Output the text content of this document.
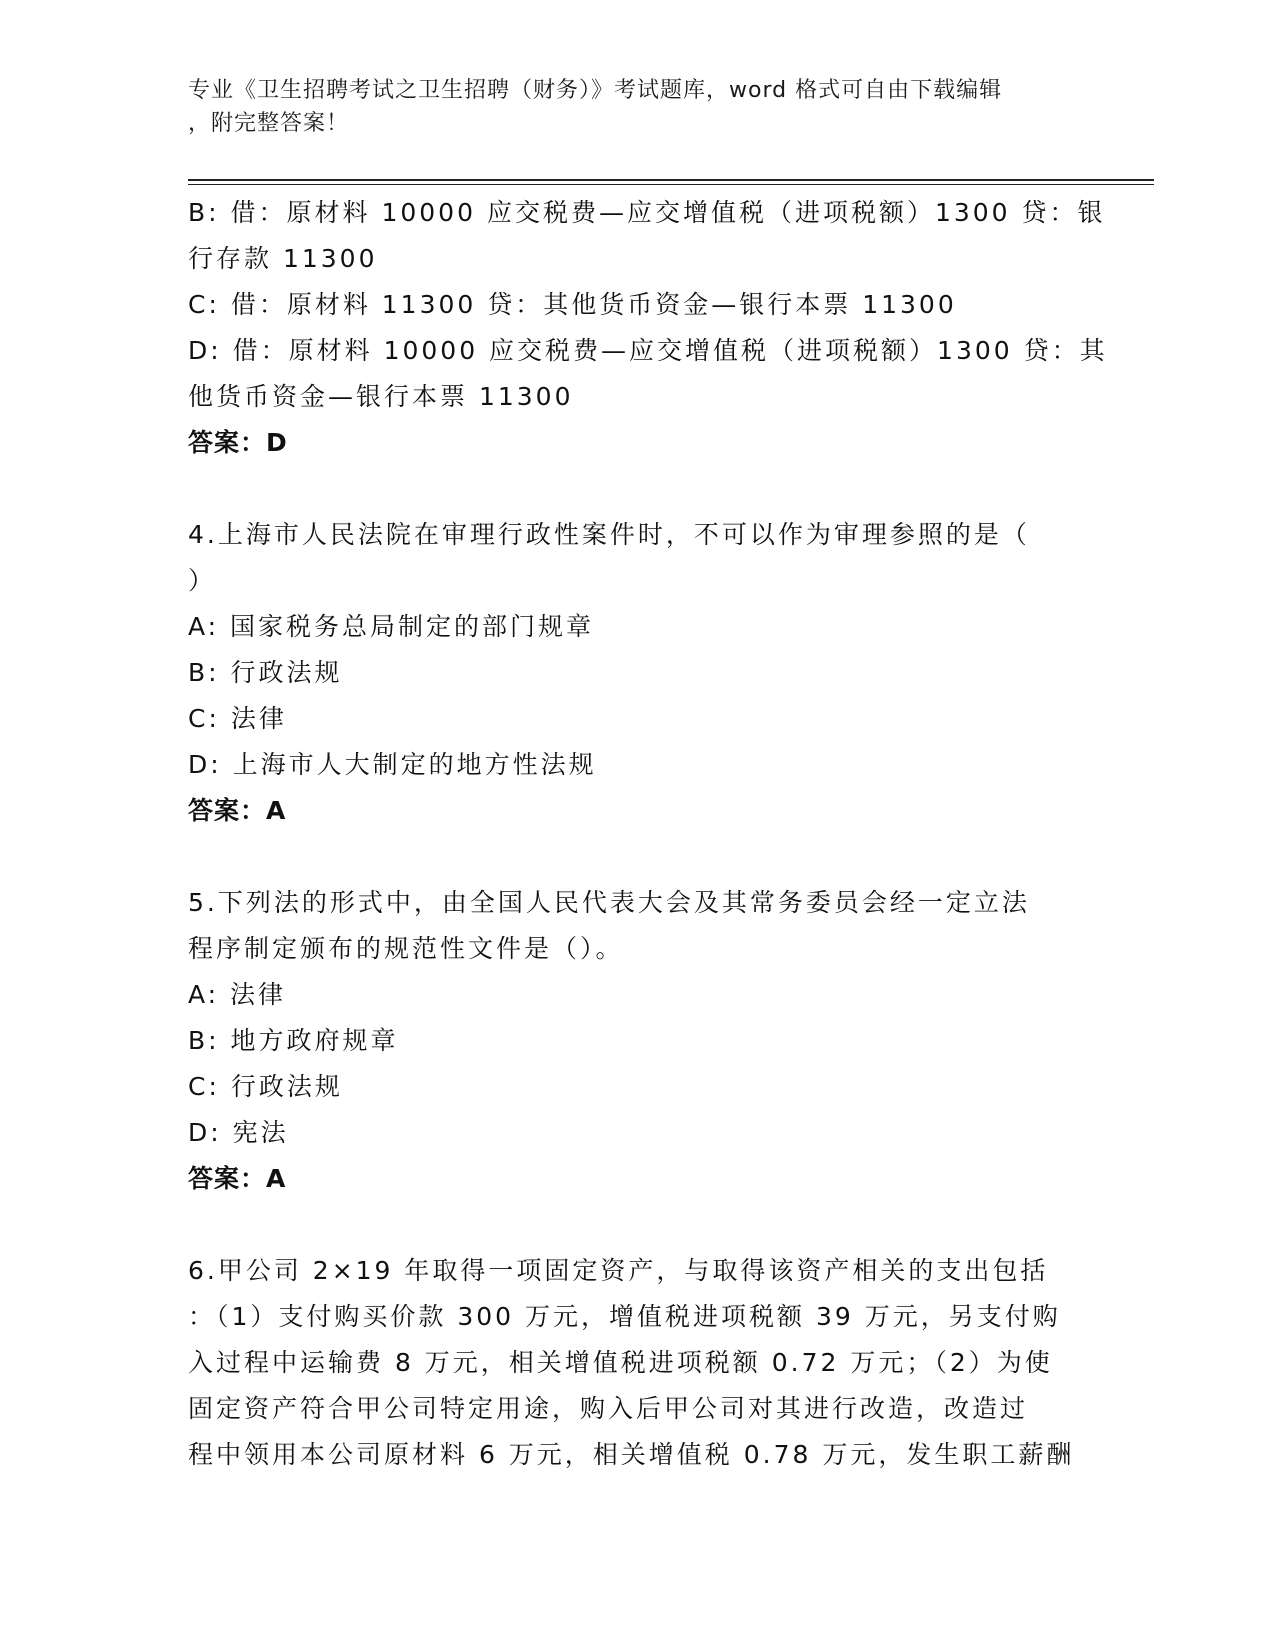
专业《卫生招聘考试之卫生招聘（财务）》考试题库，word 格式可自由下载编辑
，附完整答案！
B: 借：原材料 10000 应交税费—应交增值税（进项税额）1300 贷：银
行存款 11300
C: 借：原材料 11300 贷：其他货币资金—银行本票 11300
D: 借：原材料 10000 应交税费—应交增值税（进项税额）1300 贷：其
他货币资金—银行本票 11300
答案：D
4.上海市人民法院在审理行政性案件时，不可以作为审理参照的是（
）
A: 国家税务总局制定的部门规章
B: 行政法规
C: 法律
D: 上海市人大制定的地方性法规
答案：A
5.下列法的形式中，由全国人民代表大会及其常务委员会经一定立法
程序制定颁布的规范性文件是（）。
A: 法律
B: 地方政府规章
C: 行政法规
D: 宪法
答案：A
6.甲公司 2×19 年取得一项固定资产，与取得该资产相关的支出包括
：（1）支付购买价款 300 万元，增值税进项税额 39 万元，另支付购
入过程中运输费 8 万元，相关增值税进项税额 0.72 万元；（2）为使
固定资产符合甲公司特定用途，购入后甲公司对其进行改造，改造过
程中领用本公司原材料 6 万元，相关增值税 0.78 万元，发生职工薪酬
